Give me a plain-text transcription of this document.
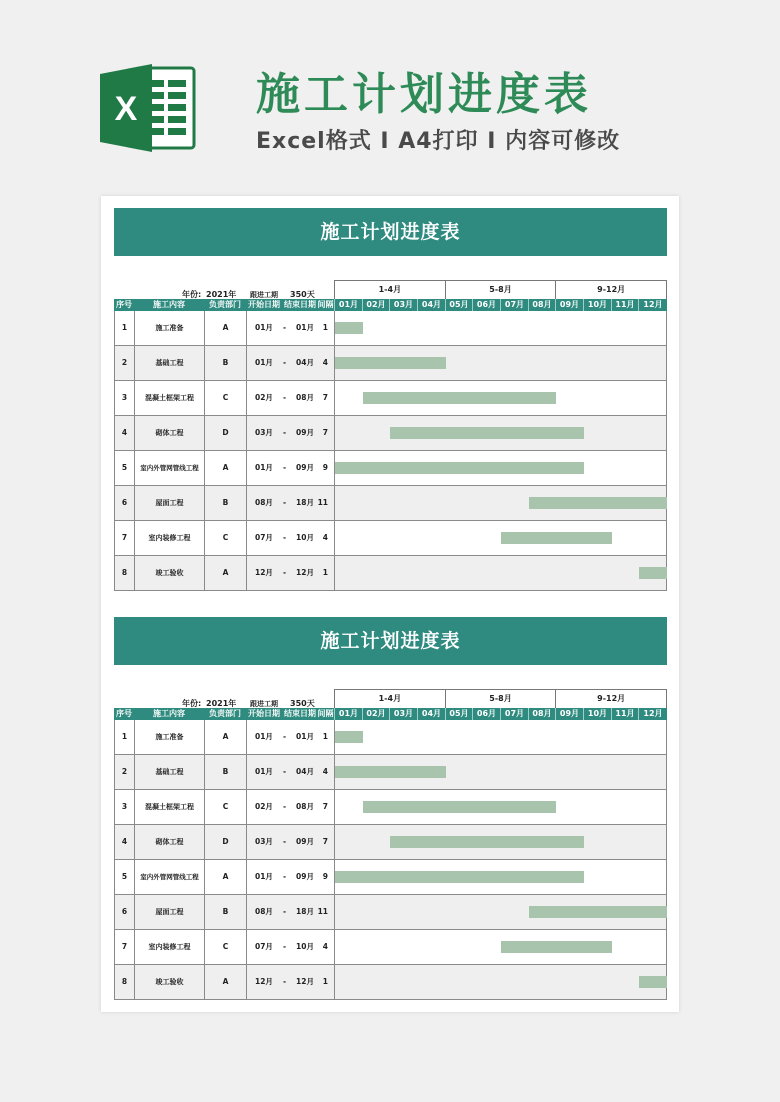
X	施工计划进度表
Excel格式 I A4打印 I 内容可修改
施工计划进度表
年份: 2021年 跟进工期 350天
1-4月	5-8月	9-12月
序号	施工内容	负责部门 开始日期 结束日期 间隔 01月	02月	03月	04月	05月	06月	07月	08月	09月	10月	11月	12月
1	施工准备	A	01月 -	01月	1
2	基础工程	B	01月 -	04月	4
3	混凝土框架工程	C	02月 -	08月	7
4	砌体工程	D	03月 -	09月	7
5	室内外管网管线工程	A	01月 -	09月	9
6	屋面工程	B	08月 -	18月 11
7	室内装修工程	C	07月 -	10月	4
8	竣工验收	A	12月 -	12月	1
施工计划进度表
年份: 2021年 跟进工期 350天
1-4月	5-8月	9-12月
序号	施工内容	负责部门 开始日期 结束日期 间隔 01月	02月	03月	04月	05月	06月	07月	08月	09月	10月	11月	12月
1	施工准备	A	01月 -	01月	1
2	基础工程	B	01月 -	04月	4
3	混凝土框架工程	C	02月 -	08月	7
4	砌体工程	D	03月 -	09月	7
5	室内外管网管线工程	A	01月 -	09月	9
6	屋面工程	B	08月 -	18月 11
7	室内装修工程	C	07月 -	10月	4
8	竣工验收	A	12月 -	12月	1
